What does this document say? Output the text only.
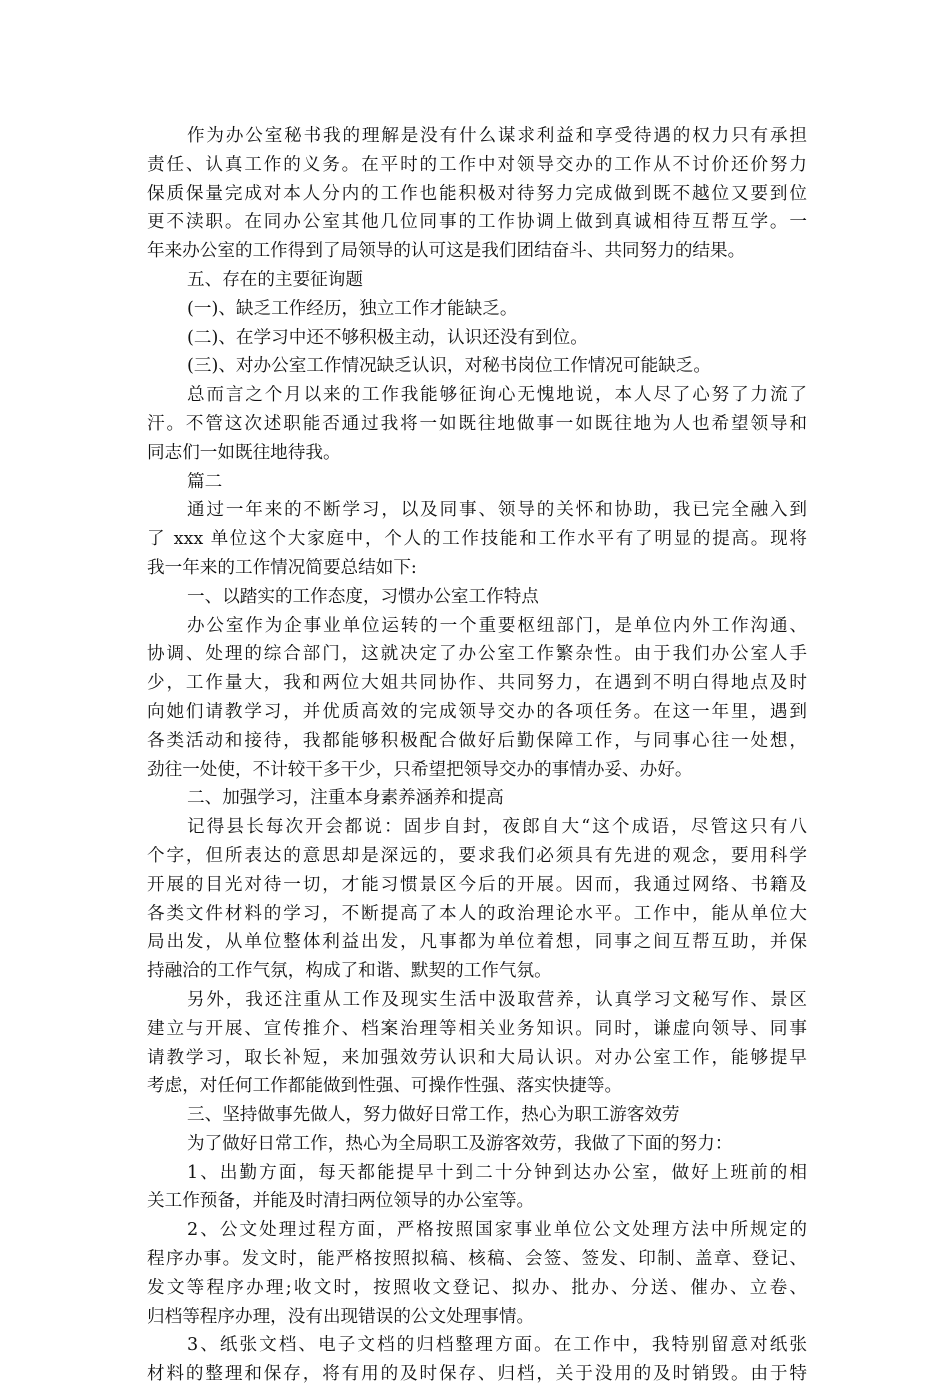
作为办公室秘书我的理解是没有什么谋求利益和享受待遇的权力只有承担
责任、认真工作的义务。在平时的工作中对领导交办的工作从不讨价还价努力
保质保量完成对本人分内的工作也能积极对待努力完成做到既不越位又要到位
更不渎职。在同办公室其他几位同事的工作协调上做到真诚相待互帮互学。一
年来办公室的工作得到了局领导的认可这是我们团结奋斗、共同努力的结果。
五、存在的主要征询题
(一)、缺乏工作经历，独立工作才能缺乏。
(二)、在学习中还不够积极主动，认识还没有到位。
(三)、对办公室工作情况缺乏认识，对秘书岗位工作情况可能缺乏。
总而言之个月以来的工作我能够征询心无愧地说，本人尽了心努了力流了
汗。不管这次述职能否通过我将一如既往地做事一如既往地为人也希望领导和
同志们一如既往地待我。
篇二
通过一年来的不断学习，以及同事、领导的关怀和协助，我已完全融入到
了 xxx 单位这个大家庭中，个人的工作技能和工作水平有了明显的提高。现将
我一年来的工作情况简要总结如下:
一、以踏实的工作态度，习惯办公室工作特点
办公室作为企事业单位运转的一个重要枢纽部门，是单位内外工作沟通、
协调、处理的综合部门，这就决定了办公室工作繁杂性。由于我们办公室人手
少，工作量大，我和两位大姐共同协作、共同努力，在遇到不明白得地点及时
向她们请教学习，并优质高效的完成领导交办的各项任务。在这一年里，遇到
各类活动和接待，我都能够积极配合做好后勤保障工作，与同事心往一处想，
劲往一处使，不计较干多干少，只希望把领导交办的事情办妥、办好。
二、加强学习，注重本身素养涵养和提高
记得县长每次开会都说：固步自封，夜郎自大“这个成语，尽管这只有八
个字，但所表达的意思却是深远的，要求我们必须具有先进的观念，要用科学
开展的目光对待一切，才能习惯景区今后的开展。因而，我通过网络、书籍及
各类文件材料的学习，不断提高了本人的政治理论水平。工作中，能从单位大
局出发，从单位整体利益出发，凡事都为单位着想，同事之间互帮互助，并保
持融洽的工作气氛，构成了和谐、默契的工作气氛。
另外，我还注重从工作及现实生活中汲取营养，认真学习文秘写作、景区
建立与开展、宣传推介、档案治理等相关业务知识。同时，谦虚向领导、同事
请教学习，取长补短，来加强效劳认识和大局认识。对办公室工作，能够提早
考虑，对任何工作都能做到性强、可操作性强、落实快捷等。
三、坚持做事先做人，努力做好日常工作，热心为职工游客效劳
为了做好日常工作，热心为全局职工及游客效劳，我做了下面的努力：
1、出勤方面，每天都能提早十到二十分钟到达办公室，做好上班前的相
关工作预备，并能及时清扫两位领导的办公室等。
2、公文处理过程方面，严格按照国家事业单位公文处理方法中所规定的
程序办事。发文时，能严格按照拟稿、核稿、会签、签发、印制、盖章、登记、
发文等程序办理;收文时，按照收文登记、拟办、批办、分送、催办、立卷、
归档等程序办理，没有出现错误的公文处理事情。
3、纸张文档、电子文档的归档整理方面。在工作中，我特别留意对纸张
材料的整理和保存，将有用的及时保存、归档，关于没用的及时销毁。由于特
